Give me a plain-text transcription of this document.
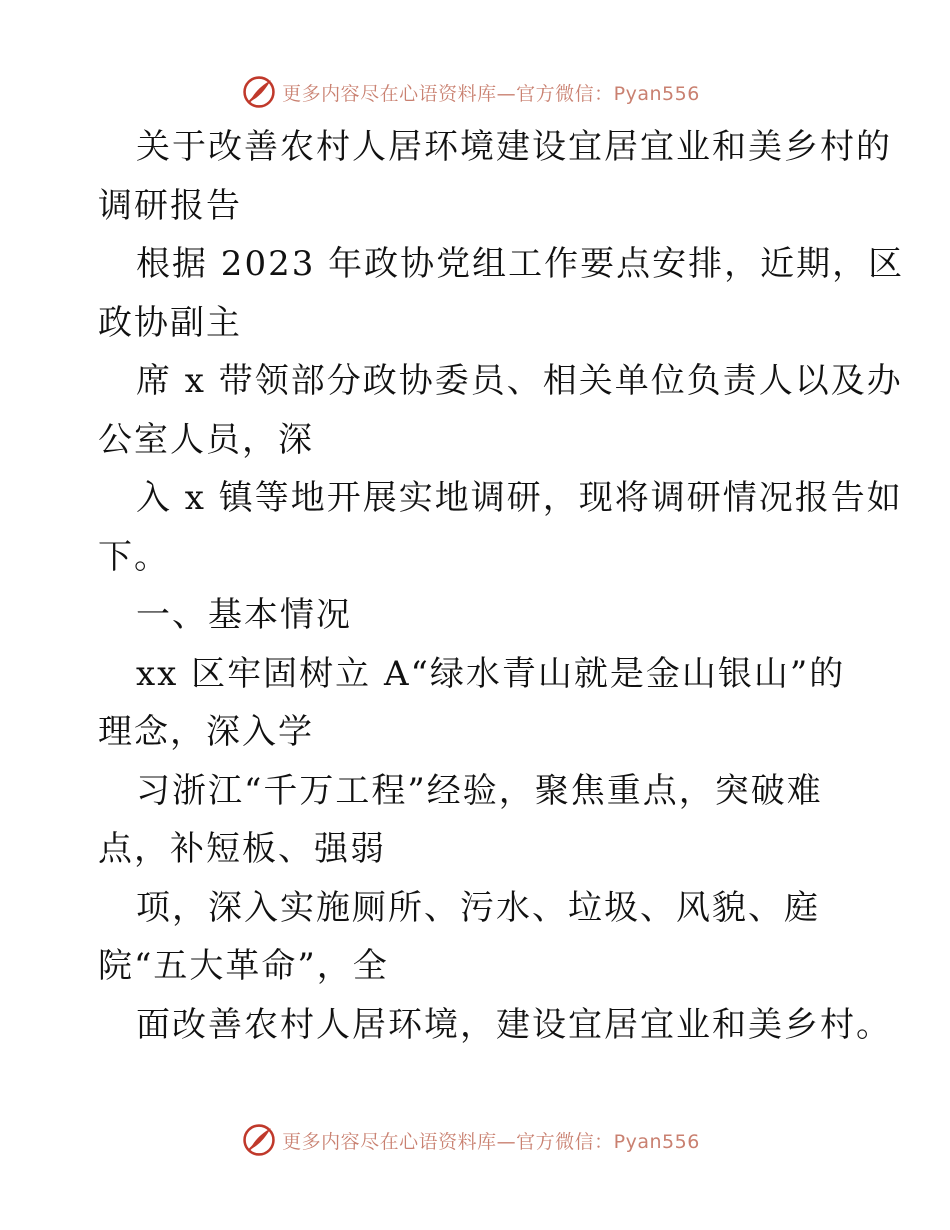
更多内容尽在心语资料库—官方微信：Pyan556
关于改善农村人居环境建设宜居宜业和美乡村的
调研报告
根据 2023 年政协党组工作要点安排，近期，区
政协副主
席 x 带领部分政协委员、相关单位负责人以及办
公室人员，深
入 x 镇等地开展实地调研，现将调研情况报告如
下。
一、基本情况
xx 区牢固树立 A“绿水青山就是金山银山”的
理念，深入学
习浙江“千万工程”经验，聚焦重点，突破难
点，补短板、强弱
项，深入实施厕所、污水、垃圾、风貌、庭
院“五大革命”，全
面改善农村人居环境，建设宜居宜业和美乡村。
更多内容尽在心语资料库—官方微信：Pyan556
